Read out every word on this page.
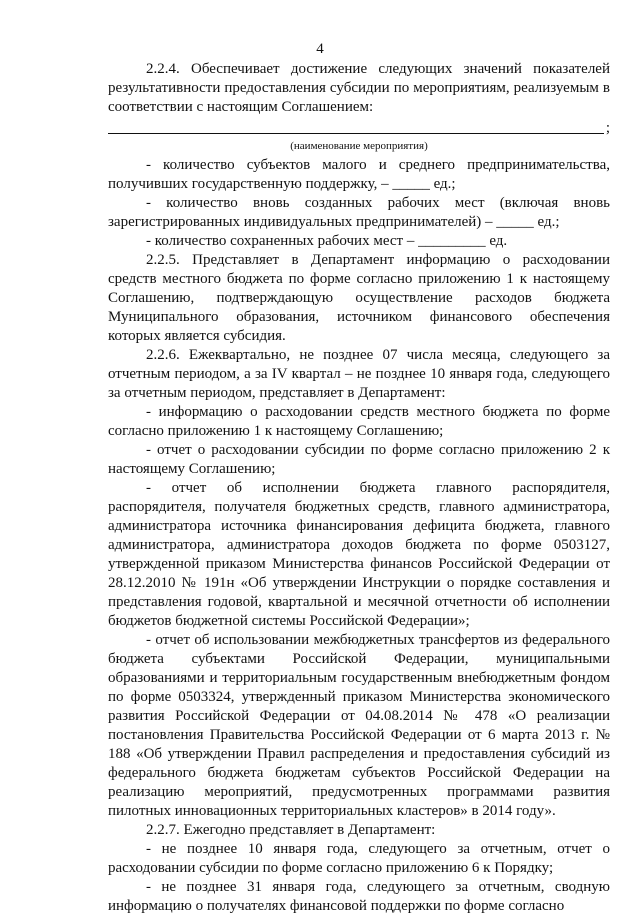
4

2.2.4. Обеспечивает достижение следующих значений показателей результативности предоставления субсидии по мероприятиям, реализуемым в соответствии с настоящим Соглашением:

;

(наименование мероприятия)

- количество субъектов малого и среднего предпринимательства, получивших государственную поддержку, – _____ ед.;

- количество вновь созданных рабочих мест (включая вновь зарегистрированных индивидуальных предпринимателей) – _____ ед.;

- количество сохраненных рабочих мест – _________ ед.

2.2.5. Представляет в Департамент информацию о расходовании средств местного бюджета по форме согласно приложению 1 к настоящему Соглашению, подтверждающую осуществление расходов бюджета Муниципального образования, источником финансового обеспечения которых является субсидия.

2.2.6. Ежеквартально, не позднее 07 числа месяца, следующего за отчетным периодом, а за IV квартал – не позднее 10 января года, следующего за отчетным периодом, представляет в Департамент:

- информацию о расходовании средств местного бюджета по форме согласно приложению 1 к настоящему Соглашению;

- отчет о расходовании субсидии по форме согласно приложению 2 к настоящему Соглашению;

- отчет об исполнении бюджета главного распорядителя, распорядителя, получателя бюджетных средств, главного администратора, администратора источника финансирования дефицита бюджета, главного администратора, администратора доходов бюджета по форме 0503127, утвержденной приказом Министерства финансов Российской Федерации от 28.12.2010 № 191н «Об утверждении Инструкции о порядке составления и представления годовой, квартальной и месячной отчетности об исполнении бюджетов бюджетной системы Российской Федерации»;

- отчет об использовании межбюджетных трансфертов из федерального бюджета субъектами Российской Федерации, муниципальными образованиями и территориальным государственным внебюджетным фондом по форме 0503324, утвержденный приказом Министерства экономического развития Российской Федерации от 04.08.2014 № 478 «О реализации постановления Правительства Российской Федерации от 6 марта 2013 г. № 188 «Об утверждении Правил распределения и предоставления субсидий из федерального бюджета бюджетам субъектов Российской Федерации на реализацию мероприятий, предусмотренных программами развития пилотных инновационных территориальных кластеров» в 2014 году».

2.2.7. Ежегодно представляет в Департамент:

- не позднее 10 января года, следующего за отчетным, отчет о расходовании субсидии по форме согласно приложению 6 к Порядку;

- не позднее 31 января года, следующего за отчетным, сводную информацию о получателях финансовой поддержки по форме согласно
